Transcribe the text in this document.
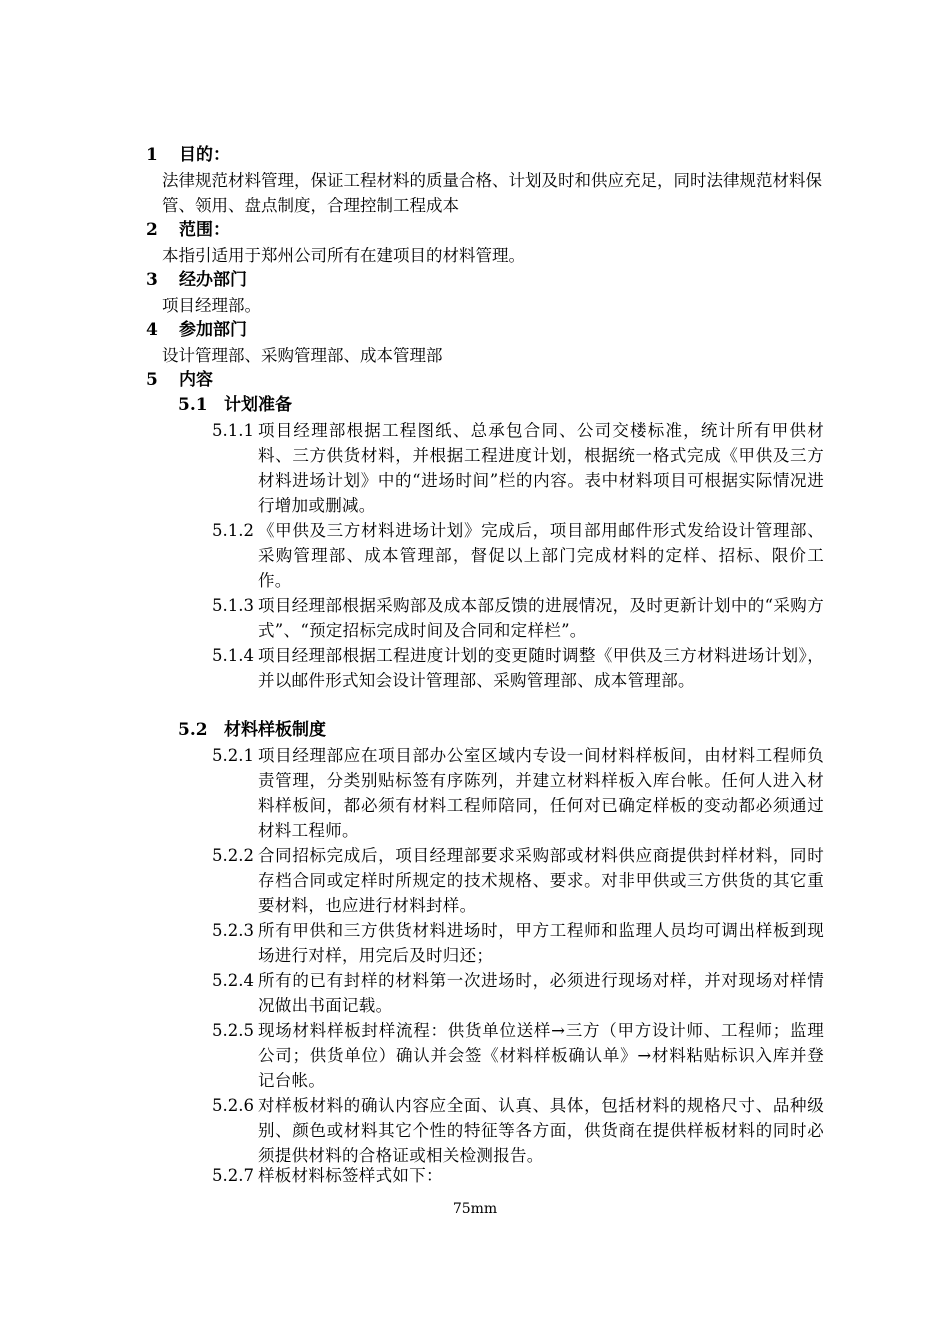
1 目的：
法律规范材料管理，保证工程材料的质量合格、计划及时和供应充足，同时法律规范材料保管、领用、盘点制度，合理控制工程成本
2 范围：
本指引适用于郑州公司所有在建项目的材料管理。
3 经办部门
项目经理部。
4 参加部门
设计管理部、采购管理部、成本管理部
5 内容
5.1 计划准备
5.1.1 项目经理部根据工程图纸、总承包合同、公司交楼标准，统计所有甲供材料、三方供货材料，并根据工程进度计划，根据统一格式完成《甲供及三方材料进场计划》中的“进场时间”栏的内容。表中材料项目可根据实际情况进行增加或删减。
5.1.2 《甲供及三方材料进场计划》完成后，项目部用邮件形式发给设计管理部、采购管理部、成本管理部，督促以上部门完成材料的定样、招标、限价工作。
5.1.3 项目经理部根据采购部及成本部反馈的进展情况，及时更新计划中的“采购方式”、“预定招标完成时间及合同和定样栏”。
5.1.4 项目经理部根据工程进度计划的变更随时调整《甲供及三方材料进场计划》，并以邮件形式知会设计管理部、采购管理部、成本管理部。
5.2 材料样板制度
5.2.1 项目经理部应在项目部办公室区域内专设一间材料样板间，由材料工程师负责管理，分类别贴标签有序陈列，并建立材料样板入库台帐。任何人进入材料样板间，都必须有材料工程师陪同，任何对已确定样板的变动都必须通过材料工程师。
5.2.2 合同招标完成后，项目经理部要求采购部或材料供应商提供封样材料，同时存档合同或定样时所规定的技术规格、要求。对非甲供或三方供货的其它重要材料，也应进行材料封样。
5.2.3 所有甲供和三方供货材料进场时，甲方工程师和监理人员均可调出样板到现场进行对样，用完后及时归还；
5.2.4 所有的已有封样的材料第一次进场时，必须进行现场对样，并对现场对样情况做出书面记载。
5.2.5 现场材料样板封样流程：供货单位送样→三方（甲方设计师、工程师；监理公司；供货单位）确认并会签《材料样板确认单》→材料粘贴标识入库并登记台帐。
5.2.6 对样板材料的确认内容应全面、认真、具体，包括材料的规格尺寸、品种级别、颜色或材料其它个性的特征等各方面，供货商在提供样板材料的同时必须提供材料的合格证或相关检测报告。
5.2.7 样板材料标签样式如下：
75mm
